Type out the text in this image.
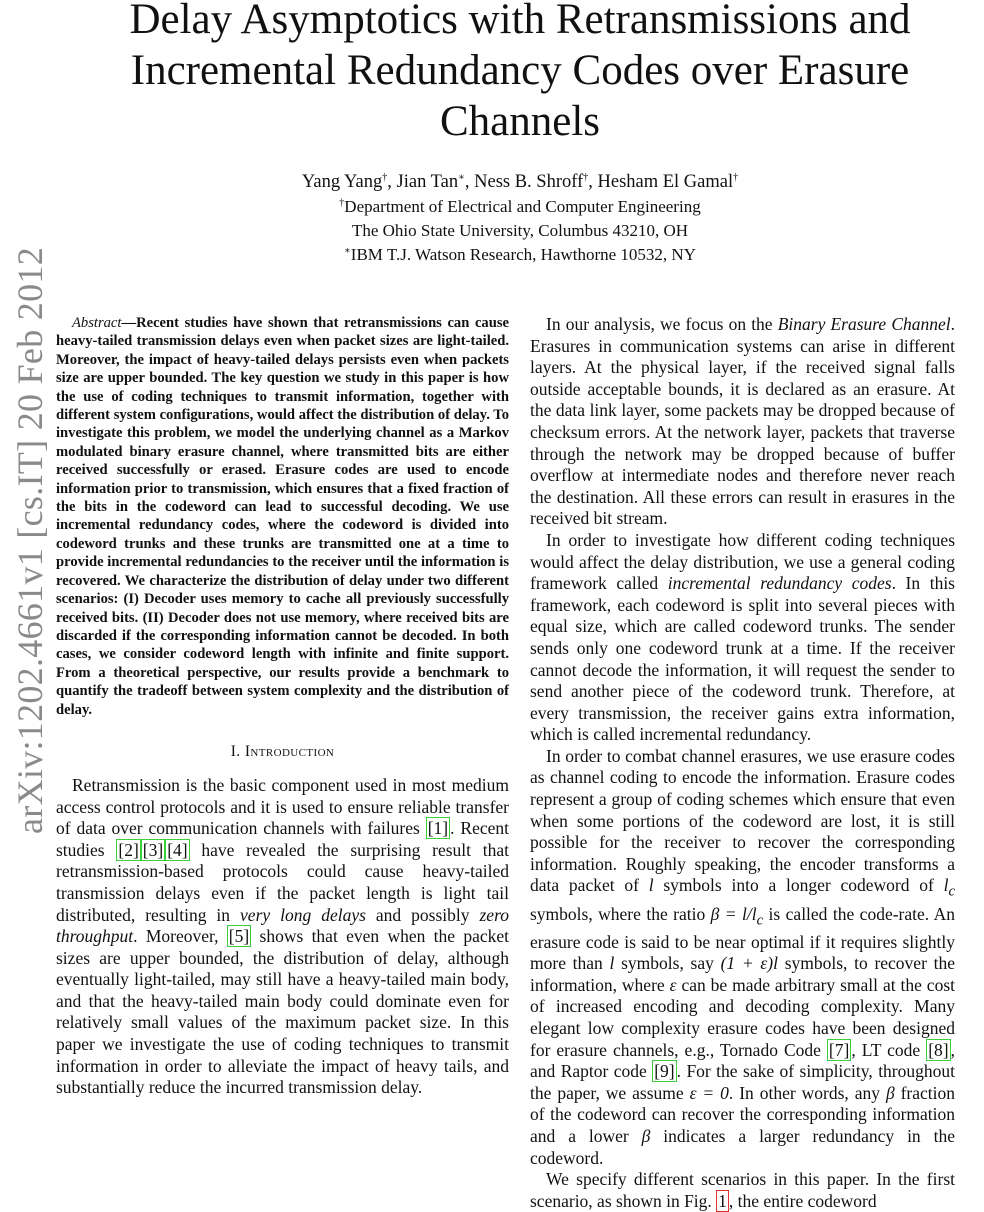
arXiv:1202.4661v1 [cs.IT] 20 Feb 2012
Delay Asymptotics with Retransmissions and Incremental Redundancy Codes over Erasure Channels
Yang Yang†, Jian Tan∗, Ness B. Shroff†, Hesham El Gamal†
†Department of Electrical and Computer Engineering
The Ohio State University, Columbus 43210, OH
∗IBM T.J. Watson Research, Hawthorne 10532, NY

Abstract—Recent studies have shown that retransmissions can cause heavy-tailed transmission delays even when packet sizes are light-tailed. Moreover, the impact of heavy-tailed delays persists even when packets size are upper bounded. The key question we study in this paper is how the use of coding techniques to transmit information, together with different system configurations, would affect the distribution of delay. To investigate this problem, we model the underlying channel as a Markov modulated binary erasure channel, where transmitted bits are either received successfully or erased. Erasure codes are used to encode information prior to transmission, which ensures that a fixed fraction of the bits in the codeword can lead to successful decoding. We use incremental redundancy codes, where the codeword is divided into codeword trunks and these trunks are transmitted one at a time to provide incremental redundancies to the receiver until the information is recovered. We characterize the distribution of delay under two different scenarios: (I) Decoder uses memory to cache all previously successfully received bits. (II) Decoder does not use memory, where received bits are discarded if the corresponding information cannot be decoded. In both cases, we consider codeword length with infinite and finite support. From a theoretical perspective, our results provide a benchmark to quantify the tradeoff between system complexity and the distribution of delay.

I. Introduction

Retransmission is the basic component used in most medium access control protocols and it is used to ensure reliable transfer of data over communication channels with failures [1] . Recent studies [2] [3] [4] have revealed the surprising result that retransmission-based protocols could cause heavy-tailed transmission delays even if the packet length is light tail distributed, resulting in very long delays and possibly zero throughput. Moreover, [5] shows that even when the packet sizes are upper bounded, the distribution of delay, although eventually light-tailed, may still have a heavy-tailed main body, and that the heavy-tailed main body could dominate even for relatively small values of the maximum packet size. In this paper we investigate the use of coding techniques to transmit information in order to alleviate the impact of heavy tails, and substantially reduce the incurred transmission delay.

In our analysis, we focus on the Binary Erasure Channel. Erasures in communication systems can arise in different layers. At the physical layer, if the received signal falls outside acceptable bounds, it is declared as an erasure. At the data link layer, some packets may be dropped because of checksum errors. At the network layer, packets that traverse through the network may be dropped because of buffer overflow at intermediate nodes and therefore never reach the destination. All these errors can result in erasures in the received bit stream.

In order to investigate how different coding techniques would affect the delay distribution, we use a general coding framework called incremental redundancy codes. In this framework, each codeword is split into several pieces with equal size, which are called codeword trunks. The sender sends only one codeword trunk at a time. If the receiver cannot decode the information, it will request the sender to send another piece of the codeword trunk. Therefore, at every transmission, the receiver gains extra information, which is called incremental redundancy.

In order to combat channel erasures, we use erasure codes as channel coding to encode the information. Erasure codes represent a group of coding schemes which ensure that even when some portions of the codeword are lost, it is still possible for the receiver to recover the corresponding information. Roughly speaking, the encoder transforms a data packet of l symbols into a longer codeword of $l_c$ symbols, where the ratio $\beta = l/l_c$ is called the code-rate. An erasure code is said to be near optimal if it requires slightly more than l symbols, say (1 + ε)l symbols, to recover the information, where ε can be made arbitrary small at the cost of increased encoding and decoding complexity. Many elegant low complexity erasure codes have been designed for erasure channels, e.g., Tornado Code [7] , LT code [8] , and Raptor code [9] . For the sake of simplicity, throughout the paper, we assume ε = 0. In other words, any β fraction of the codeword can recover the corresponding information and a lower β indicates a larger redundancy in the codeword.

We specify different scenarios in this paper. In the first scenario, as shown in Fig. 1 , the entire codeword
